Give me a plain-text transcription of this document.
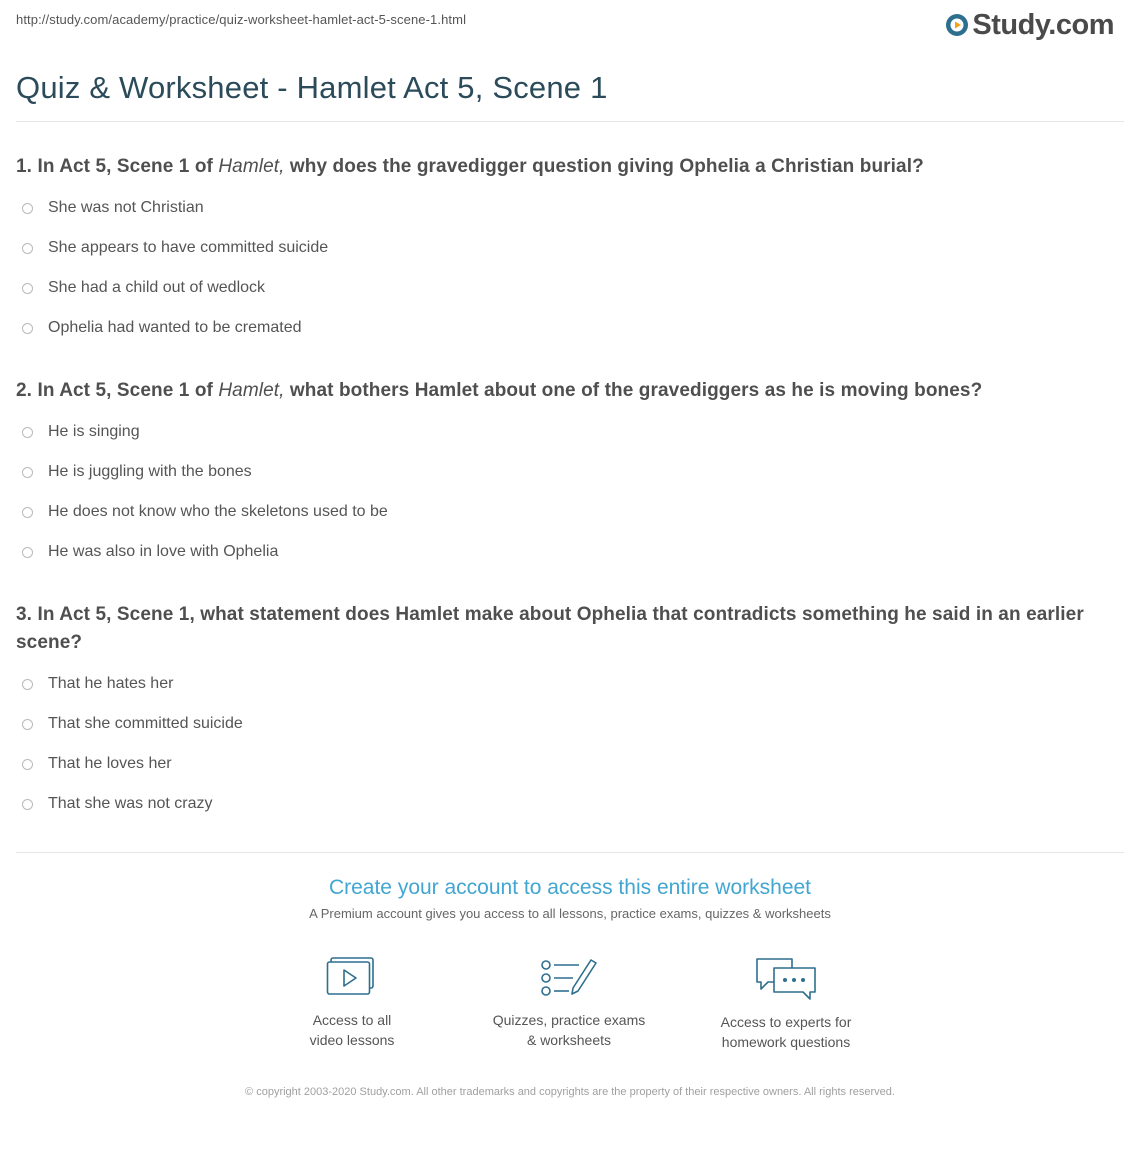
http://study.com/academy/practice/quiz-worksheet-hamlet-act-5-scene-1.html	Study.com
Quiz & Worksheet - Hamlet Act 5, Scene 1

1. In Act 5, Scene 1 of Hamlet, why does the gravedigger question giving Ophelia a Christian burial?

She was not Christian
She appears to have committed suicide
She had a child out of wedlock
Ophelia had wanted to be cremated

2. In Act 5, Scene 1 of Hamlet, what bothers Hamlet about one of the gravediggers as he is moving bones?

He is singing
He is juggling with the bones
He does not know who the skeletons used to be
He was also in love with Ophelia

3. In Act 5, Scene 1, what statement does Hamlet make about Ophelia that contradicts something he said in an earlier scene?

That he hates her
That she committed suicide
That he loves her
That she was not crazy

Create your account to access this entire worksheet

A Premium account gives you access to all lessons, practice exams, quizzes & worksheets
Access to all
video lessons
Quizzes, practice exams
& worksheets
Access to experts for
homework questions
© copyright 2003-2020 Study.com. All other trademarks and copyrights are the property of their respective owners. All rights reserved.
